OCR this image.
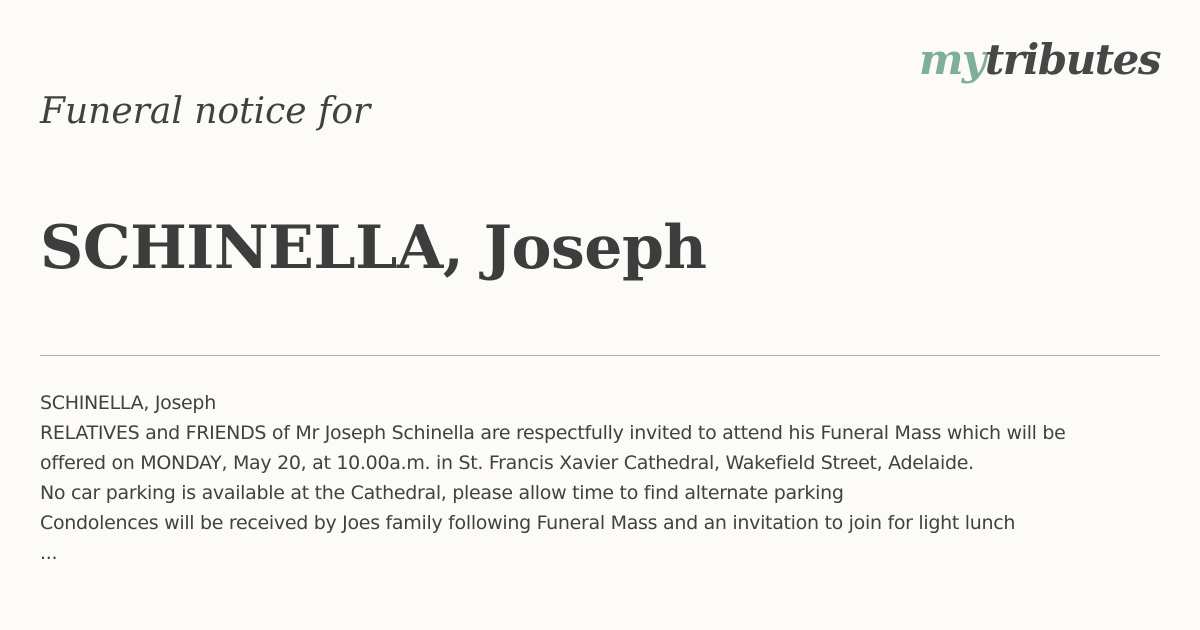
mytributes
Funeral notice for
SCHINELLA, Joseph
SCHINELLA, Joseph
RELATIVES and FRIENDS of Mr Joseph Schinella are respectfully invited to attend his Funeral Mass which will be
offered on MONDAY, May 20, at 10.00a.m. in St. Francis Xavier Cathedral, Wakefield Street, Adelaide.
No car parking is available at the Cathedral, please allow time to find alternate parking
Condolences will be received by Joes family following Funeral Mass and an invitation to join for light lunch
...
